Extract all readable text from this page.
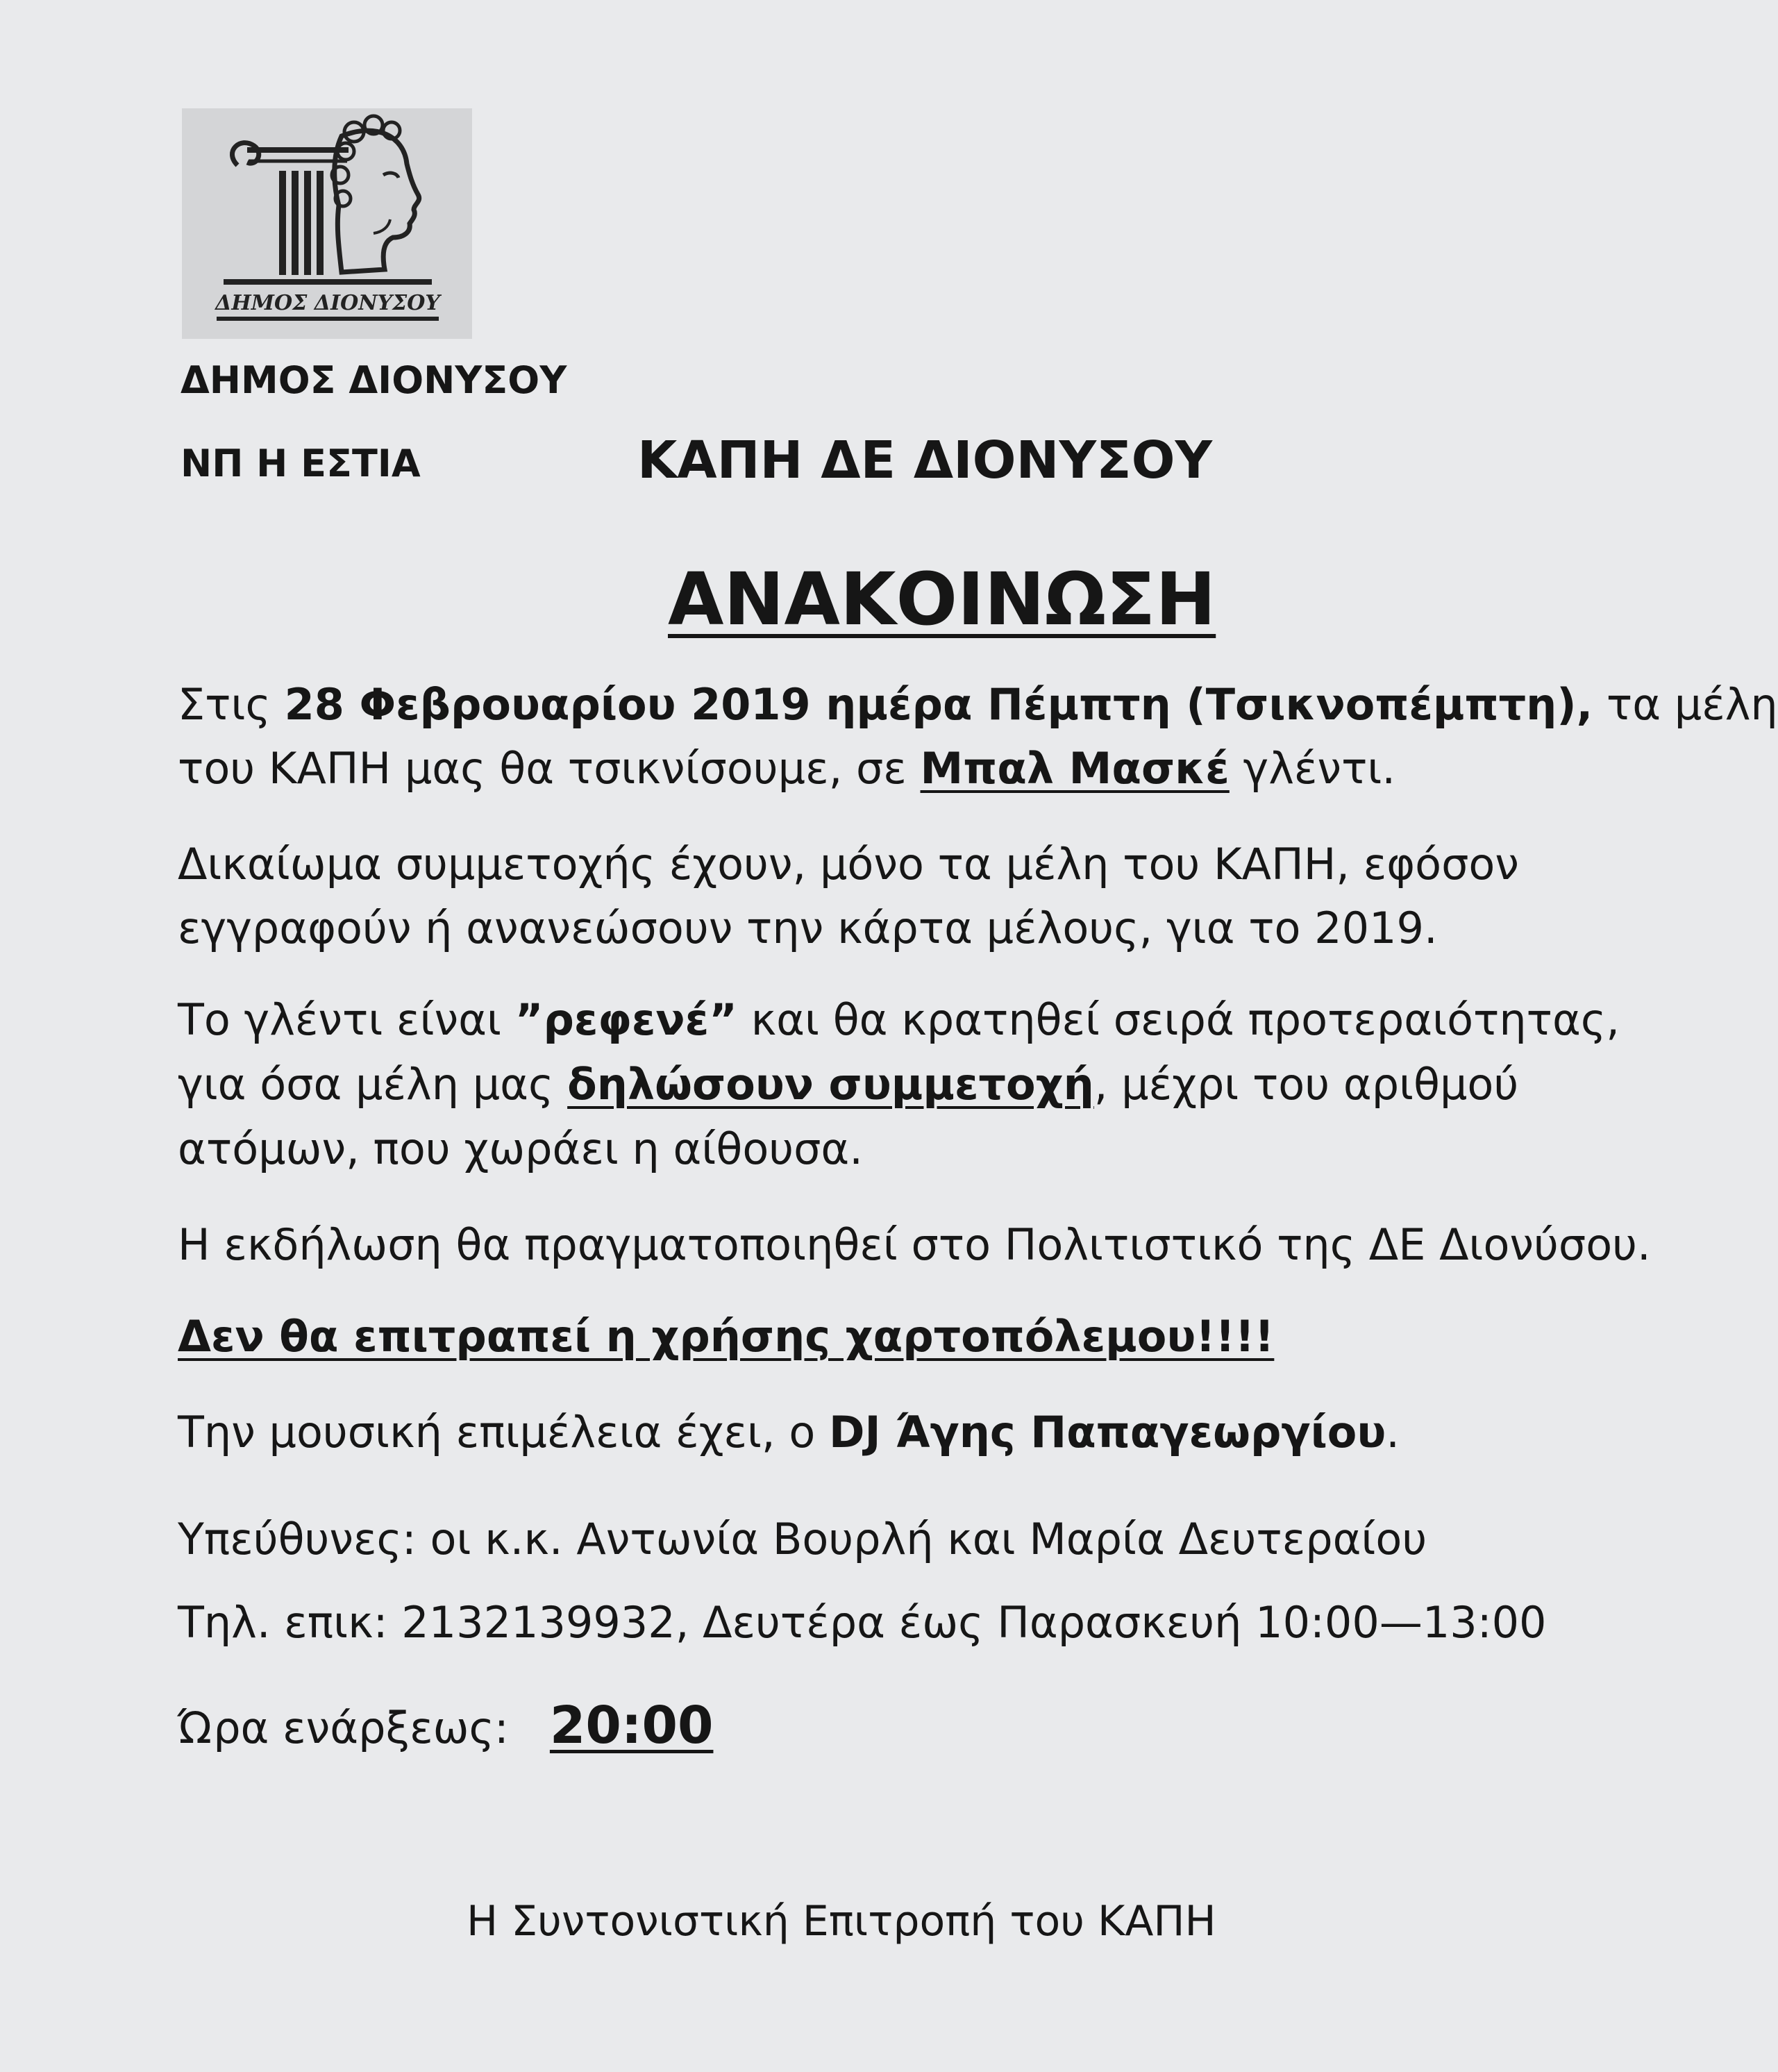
ΔΗΜΟΣ ΔΙΟΝΥΣΟΥ
ΔΗΜΟΣ ΔΙΟΝΥΣΟΥ
ΝΠ Η ΕΣΤΙΑ	ΚΑΠΗ ΔΕ ΔΙΟΝΥΣΟΥ
ΑΝΑΚΟΙΝΩΣΗ
Στις 28 Φεβρουαρίου 2019 ημέρα Πέμπτη (Τσικνοπέμπτη), τα μέλη
του ΚΑΠΗ μας θα τσικνίσουμε, σε Μπαλ Μασκέ γλέντι.
Δικαίωμα συμμετοχής έχουν, μόνο τα μέλη του ΚΑΠΗ, εφόσον
εγγραφούν ή ανανεώσουν την κάρτα μέλους, για το 2019.
Το γλέντι είναι ”ρεφενέ” και θα κρατηθεί σειρά προτεραιότητας,
για όσα μέλη μας δηλώσουν συμμετοχή, μέχρι του αριθμού
ατόμων, που χωράει η αίθουσα.
Η εκδήλωση θα πραγματοποιηθεί στο Πολιτιστικό της ΔΕ Διονύσου.
Δεν θα επιτραπεί η χρήσης χαρτοπόλεμου!!!!
Την μουσική επιμέλεια έχει, ο DJ Άγης Παπαγεωργίου.
Υπεύθυνες: οι κ.κ. Αντωνία Βουρλή και Μαρία Δευτεραίου
Τηλ. επικ: 2132139932, Δευτέρα έως Παρασκευή 10:00—13:00
Ώρα ενάρξεως:   20:00
Η Συντονιστική Επιτροπή του ΚΑΠΗ
